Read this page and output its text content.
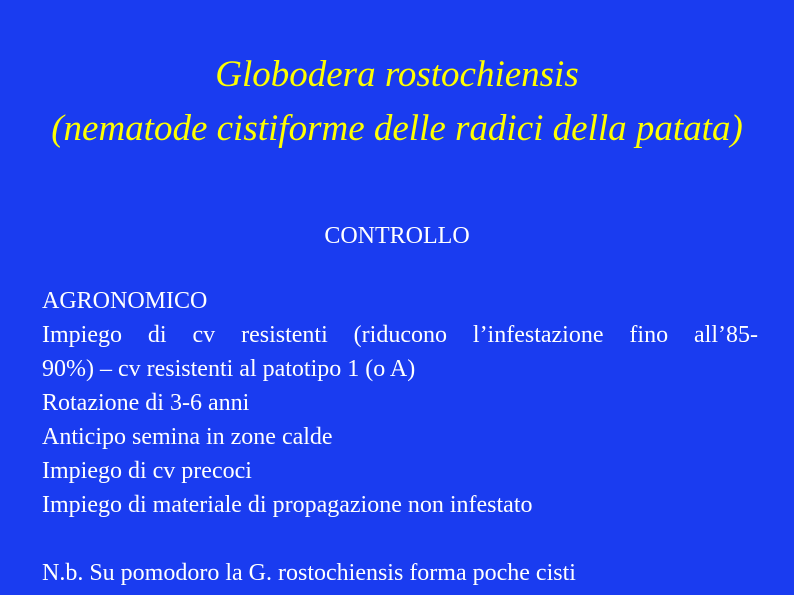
Globodera rostochiensis
(nematode cistiforme delle radici della patata)
CONTROLLO
AGRONOMICO
Impiego di cv resistenti (riducono l’infestazione fino all’85-
90%) – cv resistenti al patotipo 1 (o A)
Rotazione di 3-6 anni
Anticipo semina in zone calde
Impiego di cv precoci
Impiego di materiale di propagazione non infestato
N.b. Su pomodoro la G. rostochiensis forma poche cisti
